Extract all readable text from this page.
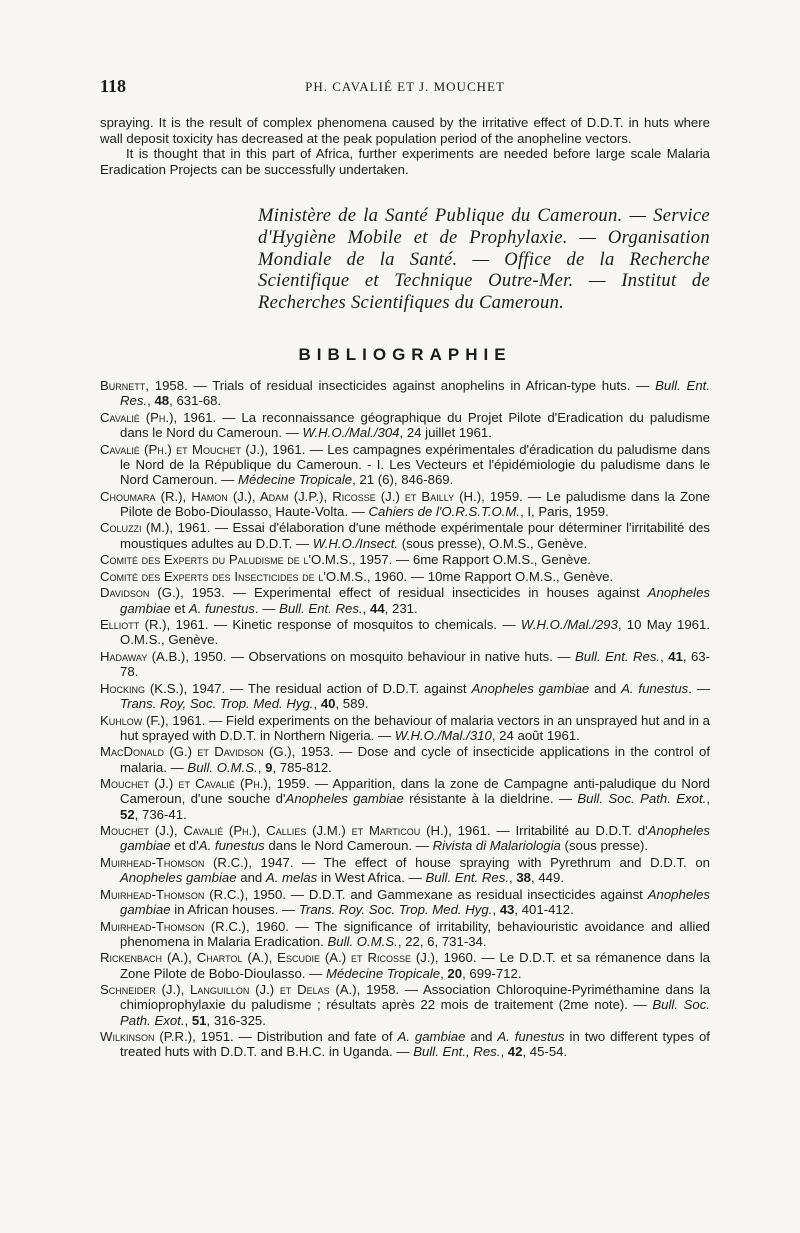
118	PH. CAVALIÉ ET J. MOUCHET

spraying. It is the result of complex phenomena caused by the irritative effect of D.D.T. in huts where wall deposit toxicity has decreased at the peak population period of the anopheline vectors.

It is thought that in this part of Africa, further experiments are needed before large scale Malaria Eradication Projects can be successfully undertaken.

Ministère de la Santé Publique du Cameroun. — Service d'Hygiène Mobile et de Prophylaxie. — Organisation Mondiale de la Santé. — Office de la Recherche Scientifique et Technique Outre-Mer. — Institut de Recherches Scientifiques du Cameroun.
BIBLIOGRAPHIE

Burnett, 1958. — Trials of residual insecticides against anophelins in African-type huts. — Bull. Ent. Res., 48, 631-68.

Cavalié (Ph.), 1961. — La reconnaissance géographique du Projet Pilote d'Eradication du paludisme dans le Nord du Cameroun. — W.H.O./Mal./304, 24 juillet 1961.

Cavalié (Ph.) et Mouchet (J.), 1961. — Les campagnes expérimentales d'éradication du paludisme dans le Nord de la République du Cameroun. - I. Les Vecteurs et l'épidémiologie du paludisme dans le Nord Cameroun. — Médecine Tropicale, 21 (6), 846-869.

Choumara (R.), Hamon (J.), Adam (J.P.), Ricosse (J.) et Bailly (H.), 1959. — Le paludisme dans la Zone Pilote de Bobo-Dioulasso, Haute-Volta. — Cahiers de l'O.R.S.T.O.M., I, Paris, 1959.

Coluzzi (M.), 1961. — Essai d'élaboration d'une méthode expérimentale pour déterminer l'irritabilité des moustiques adultes au D.D.T. — W.H.O./Insect. (sous presse), O.M.S., Genève.

Comité des Experts du Paludisme de l'O.M.S., 1957. — 6me Rapport O.M.S., Genève.

Comité des Experts des Insecticides de l'O.M.S., 1960. — 10me Rapport O.M.S., Genève.

Davidson (G.), 1953. — Experimental effect of residual insecticides in houses against Anopheles gambiae et A. funestus. — Bull. Ent. Res., 44, 231.

Elliott (R.), 1961. — Kinetic response of mosquitos to chemicals. — W.H.O./Mal./293, 10 May 1961. O.M.S., Genève.

Hadaway (A.B.), 1950. — Observations on mosquito behaviour in native huts. — Bull. Ent. Res., 41, 63-78.

Hocking (K.S.), 1947. — The residual action of D.D.T. against Anopheles gambiae and A. funestus. — Trans. Roy, Soc. Trop. Med. Hyg., 40, 589.

Kuhlow (F.), 1961. — Field experiments on the behaviour of malaria vectors in an unsprayed hut and in a hut sprayed with D.D.T. in Northern Nigeria. — W.H.O./Mal./310, 24 août 1961.

MacDonald (G.) et Davidson (G.), 1953. — Dose and cycle of insecticide applications in the control of malaria. — Bull. O.M.S., 9, 785-812.

Mouchet (J.) et Cavalié (Ph.), 1959. — Apparition, dans la zone de Campagne anti-paludique du Nord Cameroun, d'une souche d'Anopheles gambiae résistante à la dieldrine. — Bull. Soc. Path. Exot., 52, 736-41.

Mouchet (J.), Cavalié (Ph.), Callies (J.M.) et Marticou (H.), 1961. — Irritabilité au D.D.T. d'Anopheles gambiae et d'A. funestus dans le Nord Cameroun. — Rivista di Malariologia (sous presse).

Muirhead-Thomson (R.C.), 1947. — The effect of house spraying with Pyrethrum and D.D.T. on Anopheles gambiae and A. melas in West Africa. — Bull. Ent. Res., 38, 449.

Muirhead-Thomson (R.C.), 1950. — D.D.T. and Gammexane as residual insecticides against Anopheles gambiae in African houses. — Trans. Roy. Soc. Trop. Med. Hyg., 43, 401-412.

Muirhead-Thomson (R.C.), 1960. — The significance of irritability, behaviouristic avoidance and allied phenomena in Malaria Eradication. Bull. O.M.S., 22, 6, 731-34.

Rickenbach (A.), Chartol (A.), Escudie (A.) et Ricosse (J.), 1960. — Le D.D.T. et sa rémanence dans la Zone Pilote de Bobo-Dioulasso. — Médecine Tropicale, 20, 699-712.

Schneider (J.), Languillon (J.) et Delas (A.), 1958. — Association Chloroquine-Pyriméthamine dans la chimioprophylaxie du paludisme ; résultats après 22 mois de traitement (2me note). — Bull. Soc. Path. Exot., 51, 316-325.

Wilkinson (P.R.), 1951. — Distribution and fate of A. gambiae and A. funestus in two different types of treated huts with D.D.T. and B.H.C. in Uganda. — Bull. Ent., Res., 42, 45-54.
